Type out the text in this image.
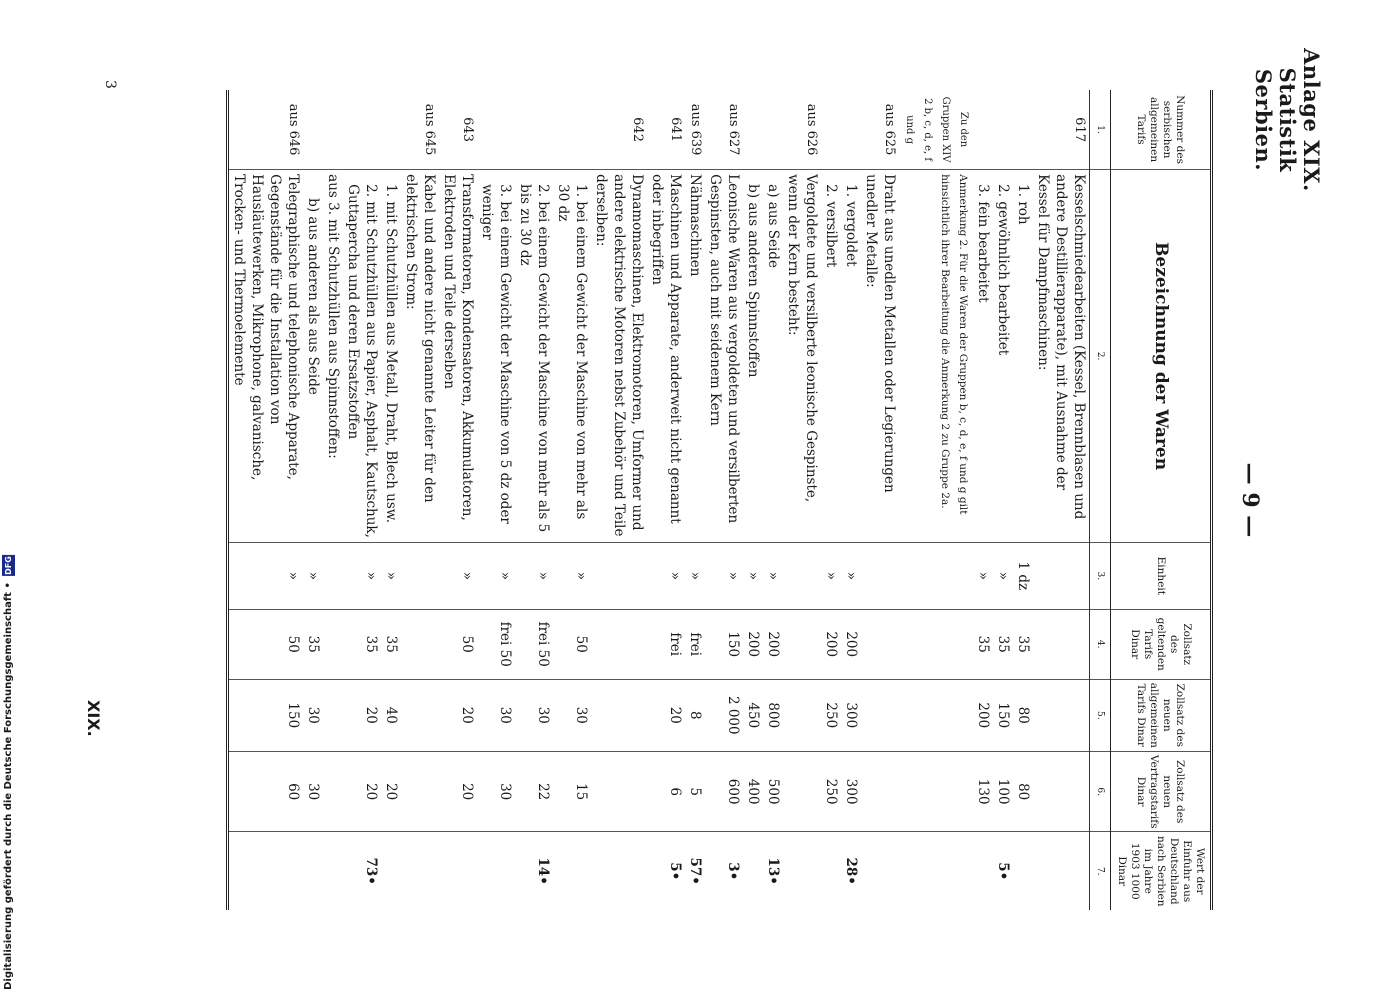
Digitalisierung gefördert durch die Deutsche Forschungsgemeinschaft • DFG
Anlage XIX.
Statistik Serbien.
— 9 —
Nummer des serbischen allgemeinen Tarifs	Bezeichnung der Waren	Einheit	Zollsatz des geltenden Tarifs Dinar	Zollsatz des neuen allgemeinen Tarifs Dinar	Zollsatz des neuen Vertragstarifs Dinar	Wert der Einfuhr aus Deutschland nach Serbien im Jahre 1903 1000 Dinar
1.	2.	3.	4.	5.	6.	7.
617	Kesselschmiedearbeiten (Kessel, Brennblasen und andere Destillierapparate), mit Ausnahme der Kessel für Dampfmaschinen:					
	1. roh	1 dz	35	80	80	
	2. gewöhnlich bearbeitet	»	35	150	100	5•
	3. fein bearbeitet	»	35	200	130	
Zu den Gruppen XIV 2 b, c, d, e, f und g	Anmerkung 2. Für die Waren der Gruppen b, c, d, e, f und g gilt hinsichtlich ihrer Bearbeitung die Anmerkung 2 zu Gruppe 2a.					
aus 625	Draht aus unedlen Metallen oder Legierungen unedler Metalle:					
	1. vergoldet	»	200	300	300	28•
	2. versilbert	»	200	250	250	
aus 626	Vergoldete und versilberte leonische Gespinste, wenn der Kern besteht:					
	a) aus Seide	»	200	800	500	13•
	b) aus anderen Spinnstoffen	»	200	450	400	
aus 627	Leonische Waren aus vergoldeten und versilberten Gespinsten, auch mit seidenem Kern	»	150	2 000	600	3•
aus 639	Nähmaschinen	»	frei	8	5	57•
641	Maschinen und Apparate, anderweit nicht genannt oder inbegriffen	»	frei	20	6	5•
642	Dynamomaschinen, Elektromotoren, Umformer und andere elektrische Motoren nebst Zubehör und Teile derselben:					
	1. bei einem Gewicht der Maschine von mehr als 30 dz	»	50	30	15	
	2. bei einem Gewicht der Maschine von mehr als 5 bis zu 30 dz	»	frei 50	30	22	14•
	3. bei einem Gewicht der Maschine von 5 dz oder weniger	»	frei 50	30	30	
643	Transformatoren, Kondensatoren, Akkumulatoren, Elektroden und Teile derselben	»	50	20	20	
aus 645	Kabel und andere nicht genannte Leiter für den elektrischen Strom:					
	1. mit Schutzhüllen aus Metall, Draht, Blech usw.	»	35	40	20	
	2. mit Schutzhüllen aus Papier, Asphalt, Kautschuk, Guttapercha und deren Ersatzstoffen	»	35	20	20	73•
	aus 3. mit Schutzhüllen aus Spinnstoffen:					
	b) aus anderen als aus Seide	»	35	30	30	
aus 646	Telegraphische und telephonische Apparate, Gegenstände für die Installation von Hausläutewerken, Mikrophone, galvanische, Trocken- und Thermoelemente	»	50	150	60	
3
XIX.
